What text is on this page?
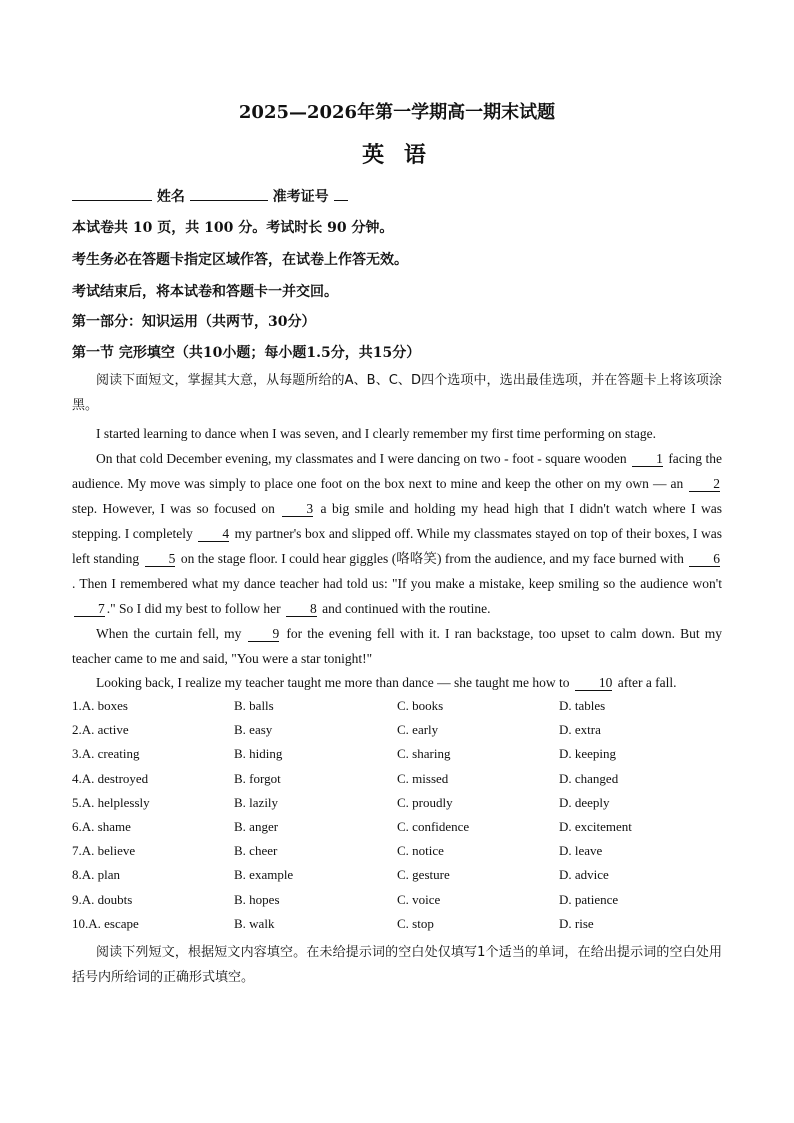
2025—2026年第一学期高一期末试题
英 语
姓名	准考证号
本试卷共 10 页，共 100 分。考试时长 90 分钟。
考生务必在答题卡指定区域作答，在试卷上作答无效。
考试结束后，将本试卷和答题卡一并交回。
第一部分：知识运用（共两节，30分）
第一节 完形填空（共10小题；每小题1.5分，共15分）
阅读下面短文，掌握其大意，从每题所给的A、B、C、D四个选项中，选出最佳选项，并在答题卡上将该项涂黑。
I started learning to dance when I was seven, and I clearly remember my first time performing on stage.
On that cold December evening, my classmates and I were dancing on two - foot - square wooden 1 facing the audience. My move was simply to place one foot on the box next to mine and keep the other on my own — an 2 step. However, I was so focused on 3 a big smile and holding my head high that I didn't watch where I was stepping. I completely 4 my partner's box and slipped off. While my classmates stayed on top of their boxes, I was left standing 5 on the stage floor. I could hear giggles (咯咯笑) from the audience, and my face burned with 6. Then I remembered what my dance teacher had told us: "If you make a mistake, keep smiling so the audience won't 7 ." So I did my best to follow her 8 and continued with the routine.
When the curtain fell, my 9 for the evening fell with it. I ran backstage, too upset to calm down. But my teacher came to me and said, "You were a star tonight!"
Looking back, I realize my teacher taught me more than dance — she taught me how to 10 after a fall.
1.A. boxes	B. balls	C. books	D. tables
2.A. active	B. easy	C. early	D. extra
3.A. creating	B. hiding	C. sharing	D. keeping
4.A. destroyed	B. forgot	C. missed	D. changed
5.A. helplessly	B. lazily	C. proudly	D. deeply
6.A. shame	B. anger	C. confidence	D. excitement
7.A. believe	B. cheer	C. notice	D. leave
8.A. plan	B. example	C. gesture	D. advice
9.A. doubts	B. hopes	C. voice	D. patience
10.A. escape	B. walk	C. stop	D. rise
阅读下列短文，根据短文内容填空。在未给提示词的空白处仅填写1个适当的单词，在给出提示词的空白处用括号内所给词的正确形式填空。
